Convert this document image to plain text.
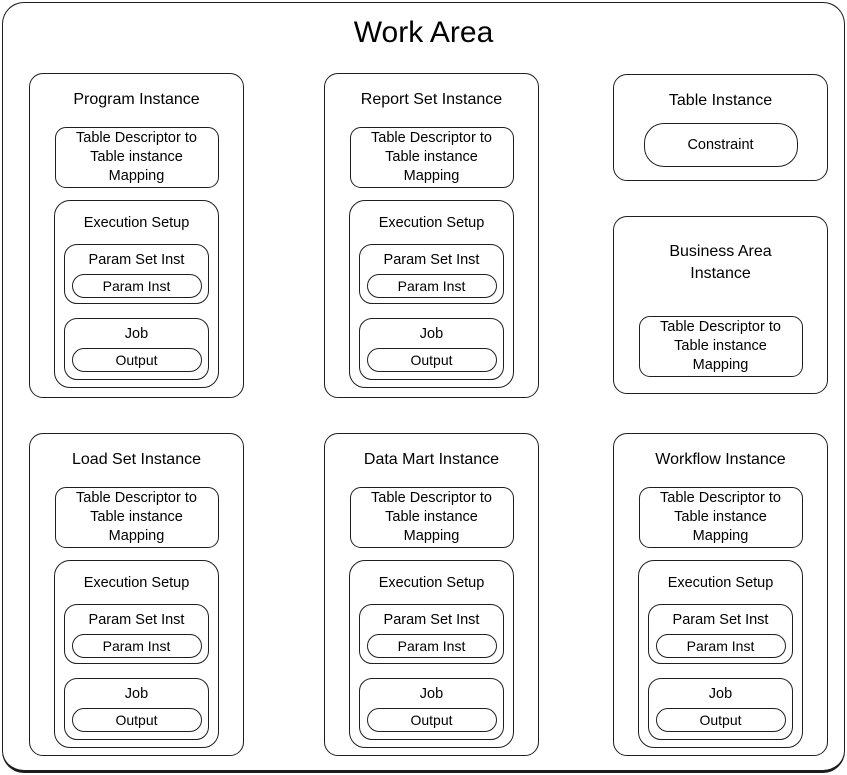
Work Area
Program Instance
Table Descriptor to
Table instance
Mapping
Execution Setup
Param Set Inst
Param Inst
Job
Output
Report Set Instance
Table Descriptor to
Table instance
Mapping
Execution Setup
Param Set Inst
Param Inst
Job
Output
Table Instance
Constraint
Business Area
Instance
Table Descriptor to
Table instance
Mapping
Load Set Instance
Table Descriptor to
Table instance
Mapping
Execution Setup
Param Set Inst
Param Inst
Job
Output
Data Mart Instance
Table Descriptor to
Table instance
Mapping
Execution Setup
Param Set Inst
Param Inst
Job
Output
Workflow Instance
Table Descriptor to
Table instance
Mapping
Execution Setup
Param Set Inst
Param Inst
Job
Output
